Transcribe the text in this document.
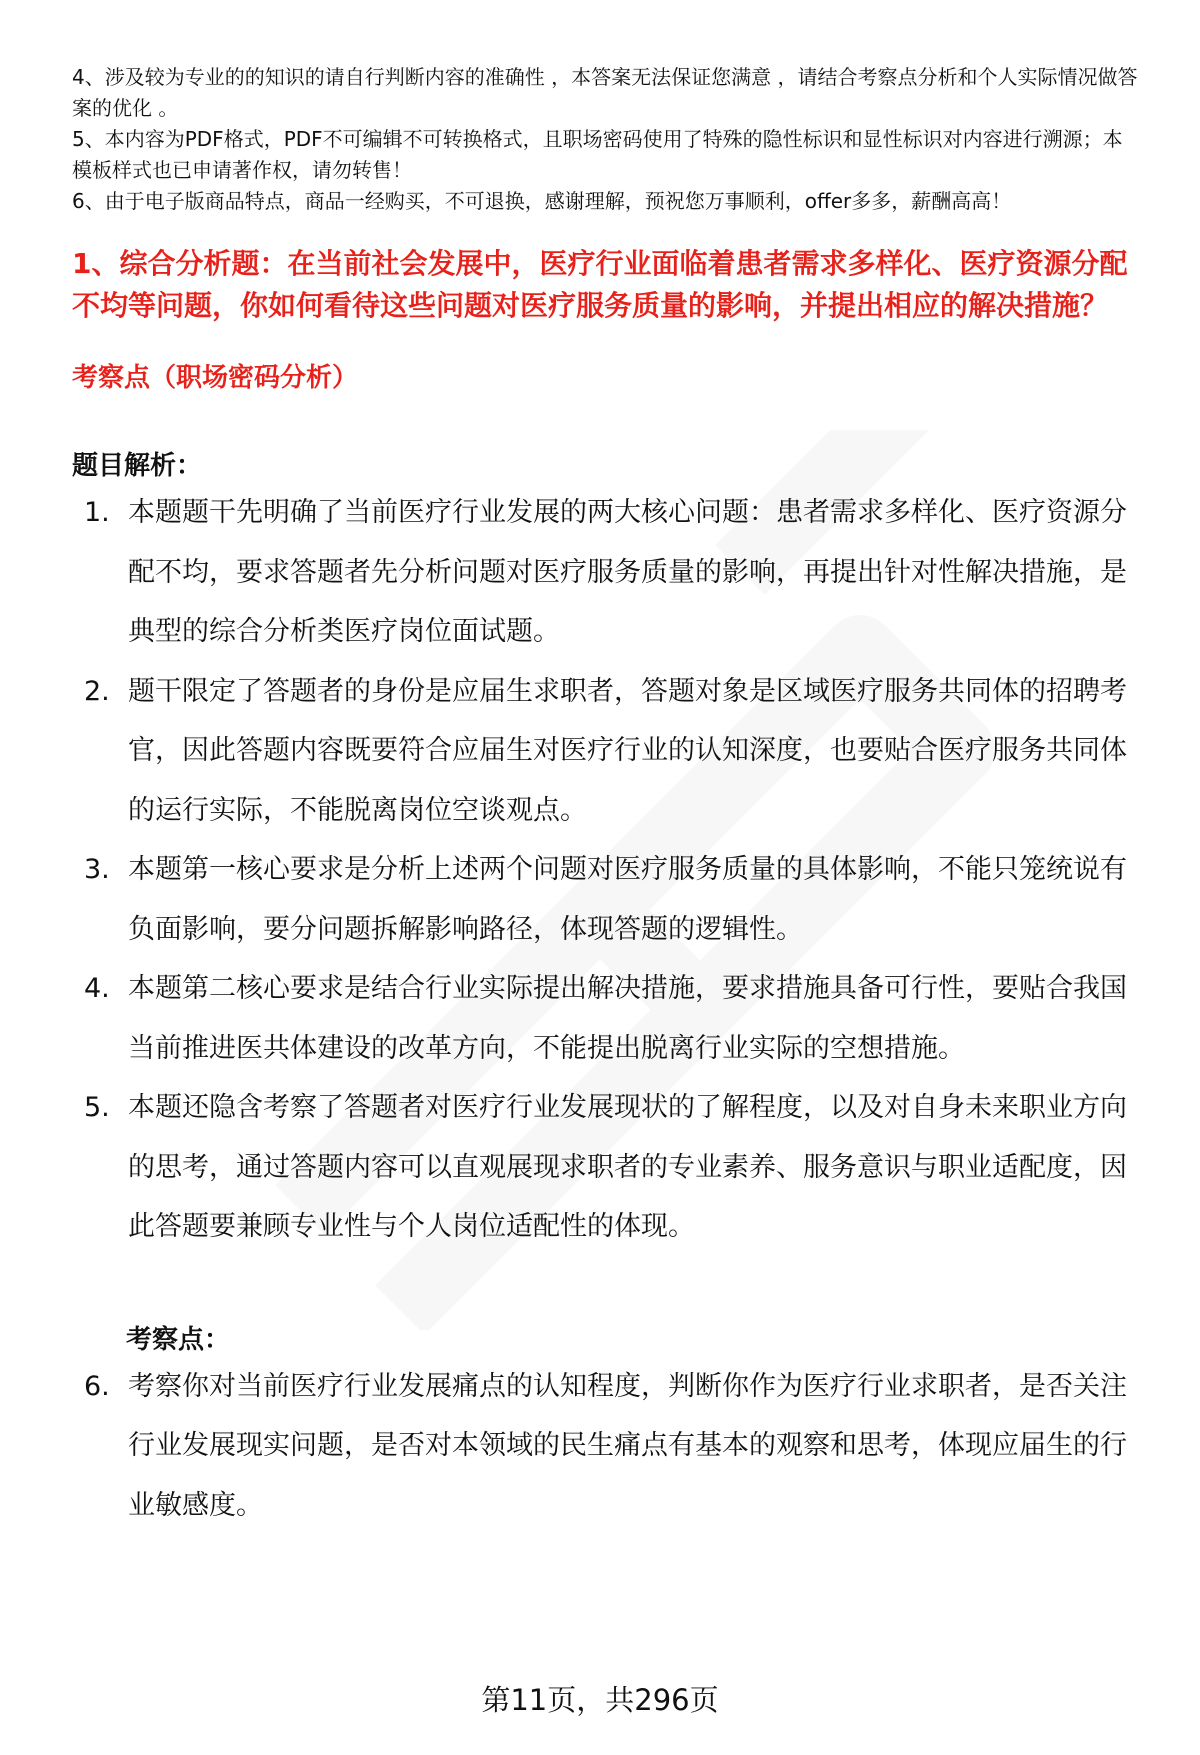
4、涉及较为专业的的知识的请自行判断内容的准确性 ，本答案无法保证您满意 ，请结合考察点分析和个人实际情况做答案的优化 。

5、本内容为PDF格式，PDF不可编辑不可转换格式，且职场密码使用了特殊的隐性标识和显性标识对内容进行溯源；本模板样式也已申请著作权，请勿转售！

6、由于电子版商品特点，商品一经购买，不可退换，感谢理解，预祝您万事顺利，offer多多，薪酬高高！

1、综合分析题：在当前社会发展中，医疗行业面临着患者需求多样化、医疗资源分配不均等问题，你如何看待这些问题对医疗服务质量的影响，并提出相应的解决措施？
考察点（职场密码分析）
题目解析：
1. 本题题干先明确了当前医疗行业发展的两大核心问题：患者需求多样化、医疗资源分配不均，要求答题者先分析问题对医疗服务质量的影响，再提出针对性解决措施，是典型的综合分析类医疗岗位面试题。
2. 题干限定了答题者的身份是应届生求职者，答题对象是区域医疗服务共同体的招聘考官，因此答题内容既要符合应届生对医疗行业的认知深度，也要贴合医疗服务共同体的运行实际，不能脱离岗位空谈观点。
3. 本题第一核心要求是分析上述两个问题对医疗服务质量的具体影响，不能只笼统说有负面影响，要分问题拆解影响路径，体现答题的逻辑性。
4. 本题第二核心要求是结合行业实际提出解决措施，要求措施具备可行性，要贴合我国当前推进医共体建设的改革方向，不能提出脱离行业实际的空想措施。
5. 本题还隐含考察了答题者对医疗行业发展现状的了解程度，以及对自身未来职业方向的思考，通过答题内容可以直观展现求职者的专业素养、服务意识与职业适配度，因此答题要兼顾专业性与个人岗位适配性的体现。
考察点：
6. 考察你对当前医疗行业发展痛点的认知程度，判断你作为医疗行业求职者，是否关注行业发展现实问题，是否对本领域的民生痛点有基本的观察和思考，体现应届生的行业敏感度。
第11页，共296页
